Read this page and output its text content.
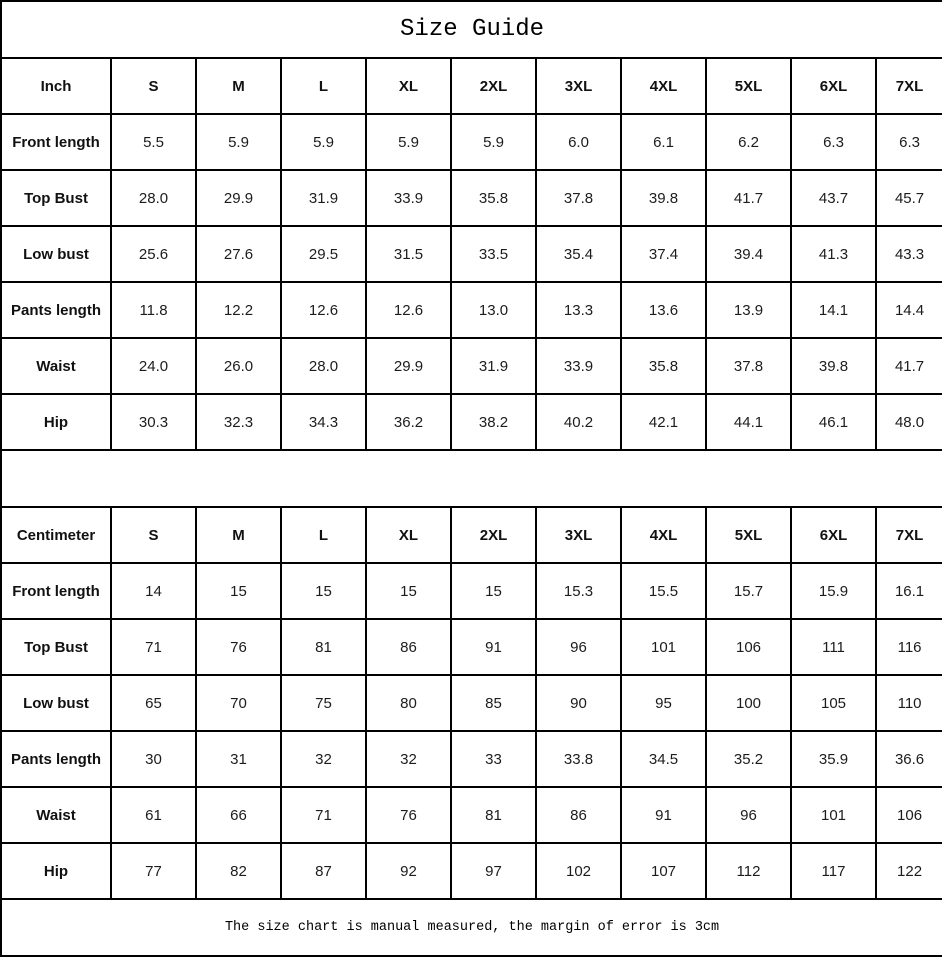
Size Guide										
Inch	S	M	L	XL	2XL	3XL	4XL	5XL	6XL	7XL
Front length	5.5	5.9	5.9	5.9	5.9	6.0	6.1	6.2	6.3	6.3
Top Bust	28.0	29.9	31.9	33.9	35.8	37.8	39.8	41.7	43.7	45.7
Low bust	25.6	27.6	29.5	31.5	33.5	35.4	37.4	39.4	41.3	43.3
Pants length	11.8	12.2	12.6	12.6	13.0	13.3	13.6	13.9	14.1	14.4
Waist	24.0	26.0	28.0	29.9	31.9	33.9	35.8	37.8	39.8	41.7
Hip	30.3	32.3	34.3	36.2	38.2	40.2	42.1	44.1	46.1	48.0

Centimeter	S	M	L	XL	2XL	3XL	4XL	5XL	6XL	7XL
Front length	14	15	15	15	15	15.3	15.5	15.7	15.9	16.1
Top Bust	71	76	81	86	91	96	101	106	111	116
Low bust	65	70	75	80	85	90	95	100	105	110
Pants length	30	31	32	32	33	33.8	34.5	35.2	35.9	36.6
Waist	61	66	71	76	81	86	91	96	101	106
Hip	77	82	87	92	97	102	107	112	117	122
The size chart is manual measured, the margin of error is 3cm										
